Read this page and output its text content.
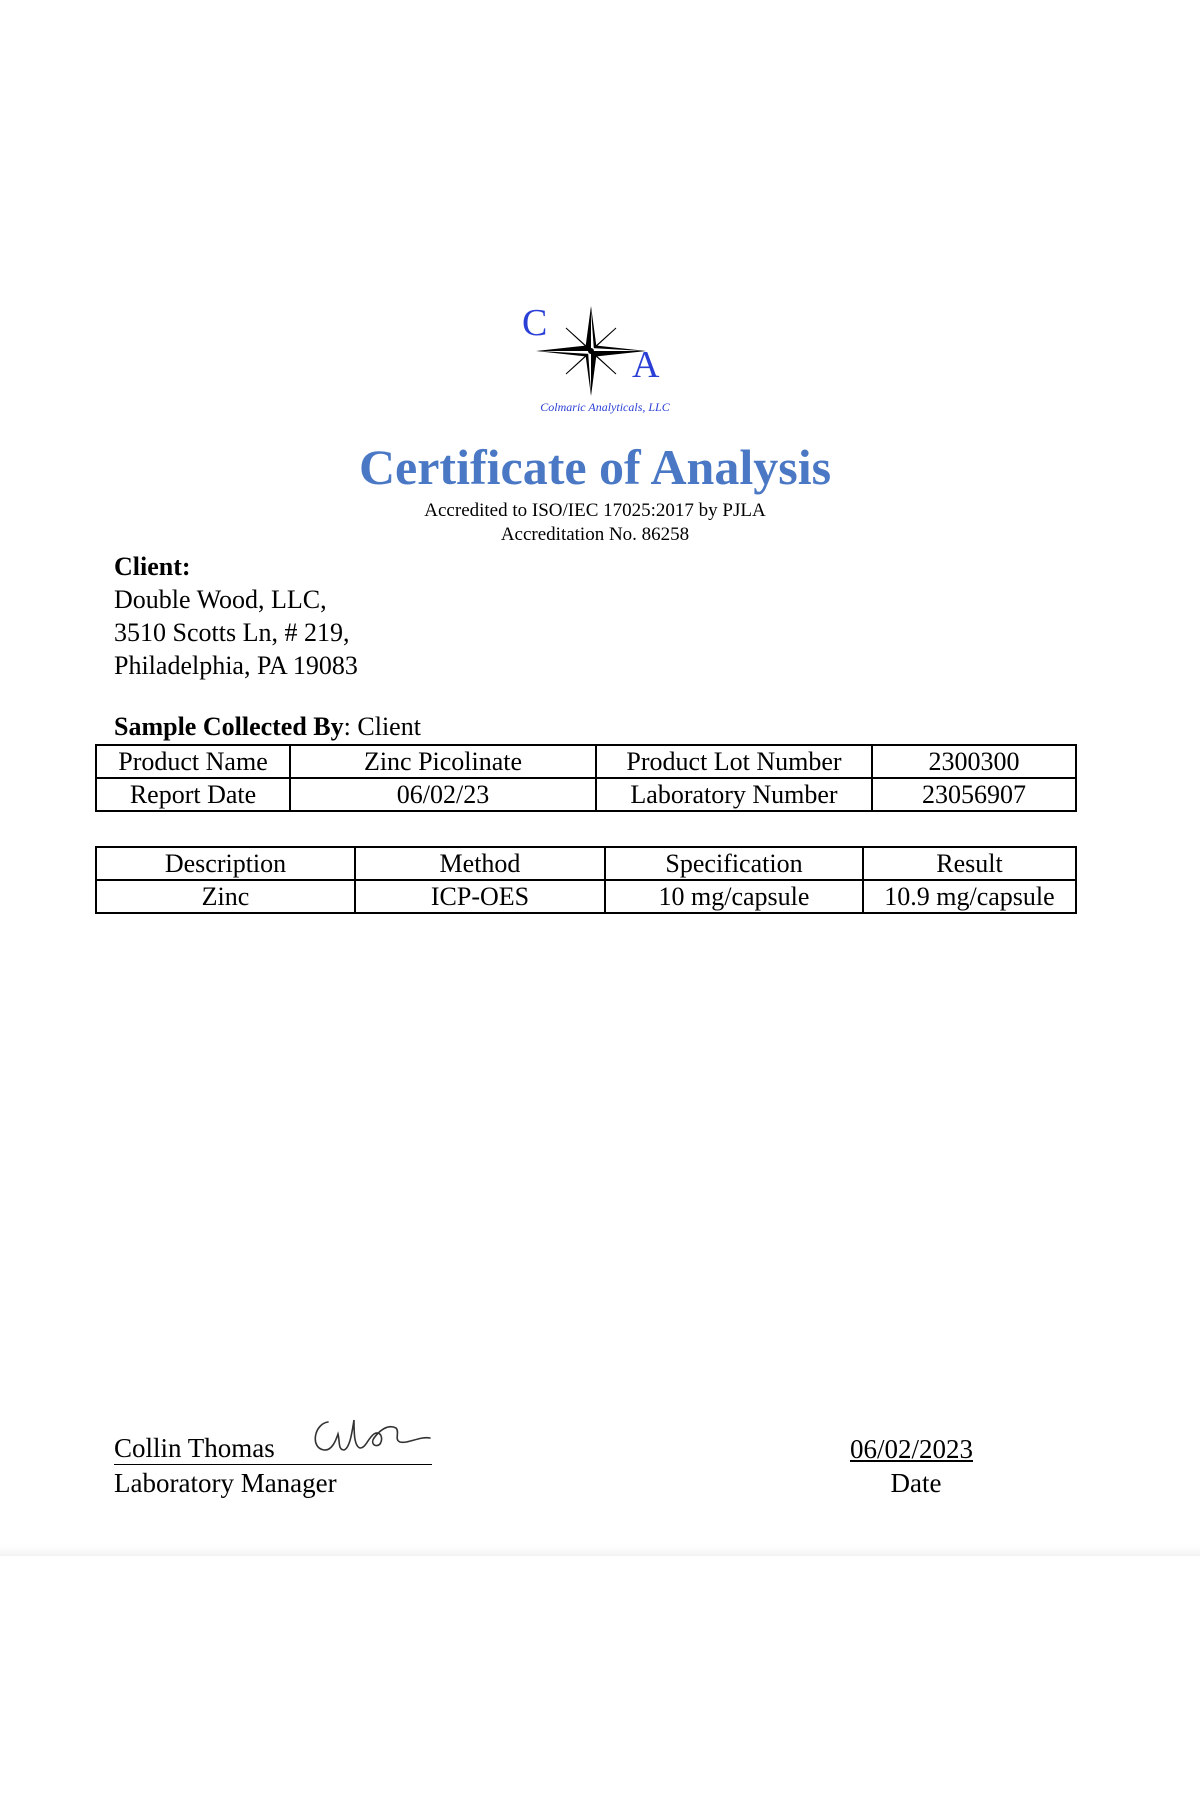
C
A
Colmaric Analyticals, LLC
Certificate of Analysis
Accredited to ISO/IEC 17025:2017 by PJLA
Accreditation No. 86258
Client:
Double Wood, LLC,
3510 Scotts Ln, # 219,
Philadelphia, PA 19083
Sample Collected By: Client
Product Name	Zinc Picolinate	Product Lot Number	2300300
Report Date	06/02/23	Laboratory Number	23056907
Description	Method	Specification	Result
Zinc	ICP-OES	10 mg/capsule	10.9 mg/capsule
Collin Thomas
Laboratory Manager
06/02/2023
Date
